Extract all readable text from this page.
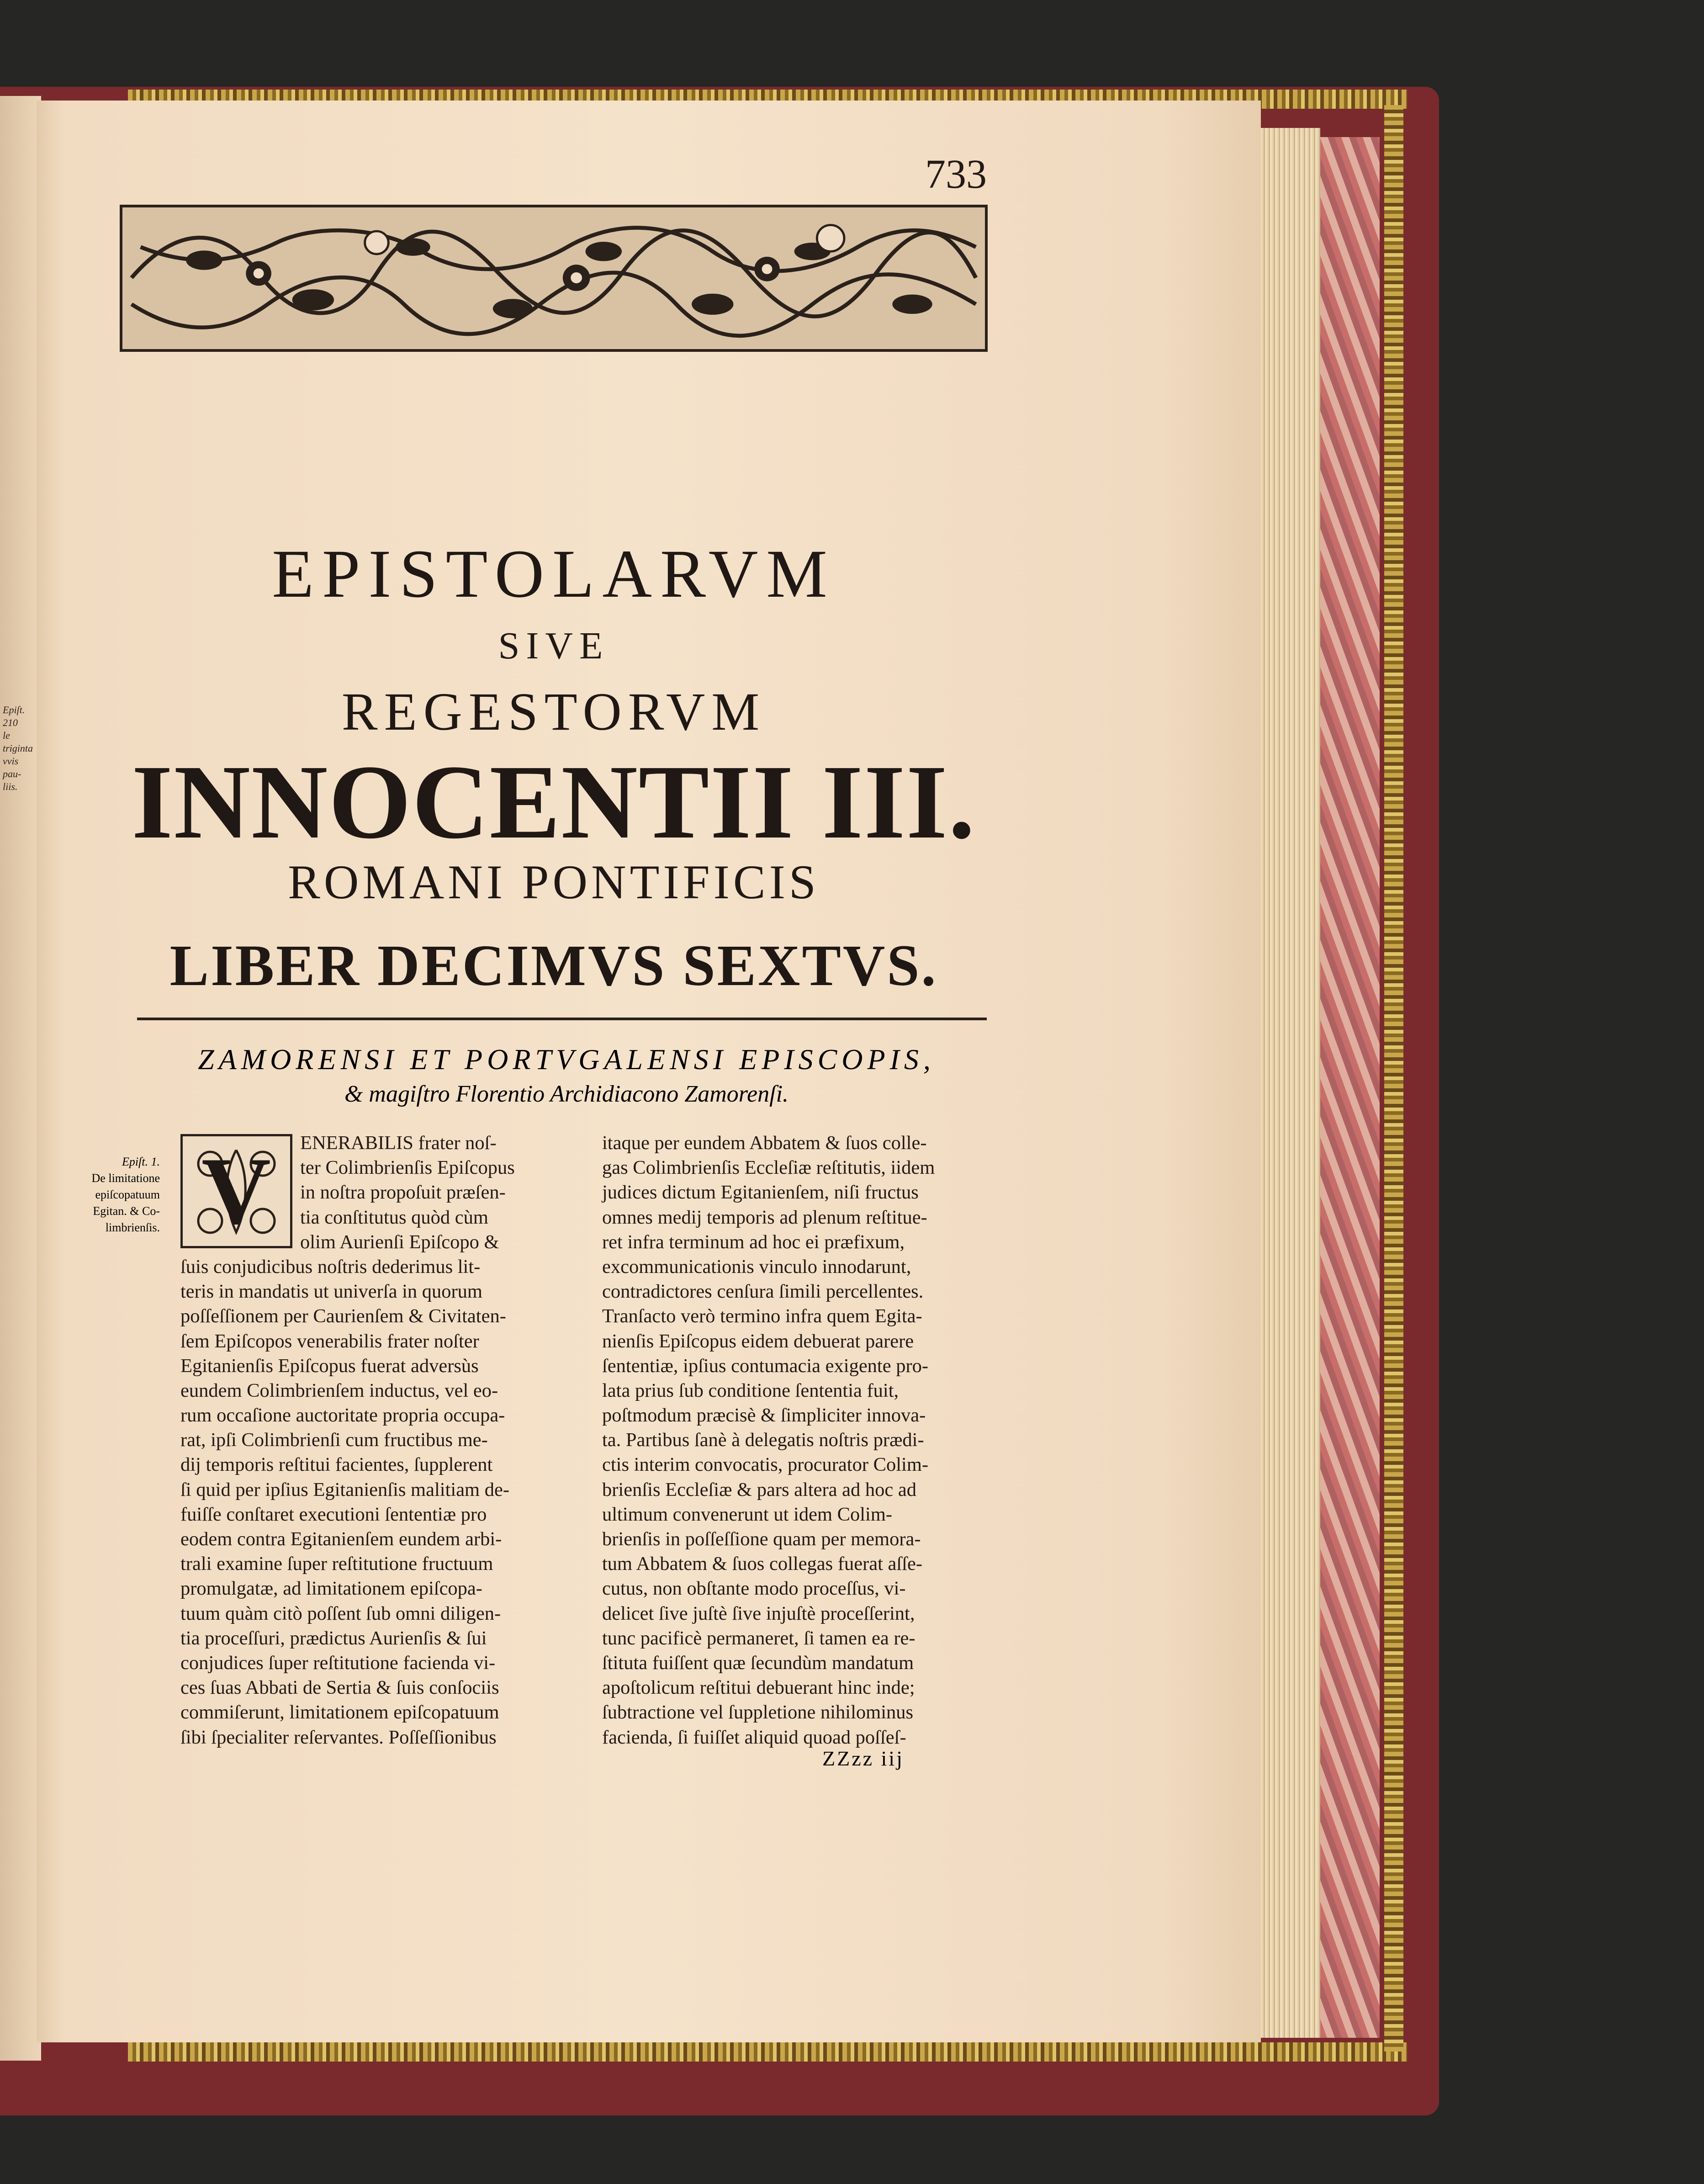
Epiſt. 210
le triginta
vvis pau-
liis.
733
EPISTOLARVM
SIVE
REGESTORVM
INNOCENTII III.
ROMANI PONTIFICIS
LIBER DECIMVS SEXTVS.
ZAMORENSI ET PORTVGALENSI EPISCOPIS,
& magiſtro Florentio Archidiacono Zamorenſi.
Epiſt. 1.
De limitatione
epiſcopatuum
Egitan. & Co-
limbrienſis. V	ENERABILIS frater noſ-
ter Colimbrienſis Epiſcopus
in noſtra propoſuit præſen-
tia conſtitutus quòd cùm
olim Aurienſi Epiſcopo &
ſuis conjudicibus noſtris dederimus lit-
teris in mandatis ut univerſa in quorum
poſſeſſionem per Caurienſem & Civitaten-
ſem Epiſcopos venerabilis frater noſter
Egitanienſis Epiſcopus fuerat adversùs
eundem Colimbrienſem inductus, vel eo-
rum occaſione auctoritate propria occupa-
rat, ipſi Colimbrienſi cum fructibus me-
dij temporis reſtitui facientes, ſupplerent
ſi quid per ipſius Egitanienſis malitiam de-
fuiſſe conſtaret executioni ſententiæ pro
eodem contra Egitanienſem eundem arbi-
trali examine ſuper reſtitutione fructuum
promulgatæ, ad limitationem epiſcopa-
tuum quàm citò poſſent ſub omni diligen-
tia proceſſuri, prædictus Aurienſis & ſui
conjudices ſuper reſtitutione facienda vi-
ces ſuas Abbati de Sertia & ſuis conſociis
commiſerunt, limitationem epiſcopatuum
ſibi ſpecialiter reſervantes. Poſſeſſionibus
itaque per eundem Abbatem & ſuos colle-
gas Colimbrienſis Eccleſiæ reſtitutis, iidem
judices dictum Egitanienſem, niſi fructus
omnes medij temporis ad plenum reſtitue-
ret infra terminum ad hoc ei præfixum,
excommunicationis vinculo innodarunt,
contradictores cenſura ſimili percellentes.
Tranſacto verò termino infra quem Egita-
nienſis Epiſcopus eidem debuerat parere
ſententiæ, ipſius contumacia exigente pro-
lata prius ſub conditione ſententia fuit,
poſtmodum præcisè & ſimpliciter innova-
ta. Partibus ſanè à delegatis noſtris prædi-
ctis interim convocatis, procurator Colim-
brienſis Eccleſiæ & pars altera ad hoc ad
ultimum convenerunt ut idem Colim-
brienſis in poſſeſſione quam per memora-
tum Abbatem & ſuos collegas fuerat aſſe-
cutus, non obſtante modo proceſſus, vi-
delicet ſive juſtè ſive injuſtè proceſſerint,
tunc pacificè permaneret, ſi tamen ea re-
ſtituta fuiſſent quæ ſecundùm mandatum
apoſtolicum reſtitui debuerant hinc inde;
ſubtractione vel ſuppletione nihilominus
facienda, ſi fuiſſet aliquid quoad poſſeſ-
ZZzz iij
